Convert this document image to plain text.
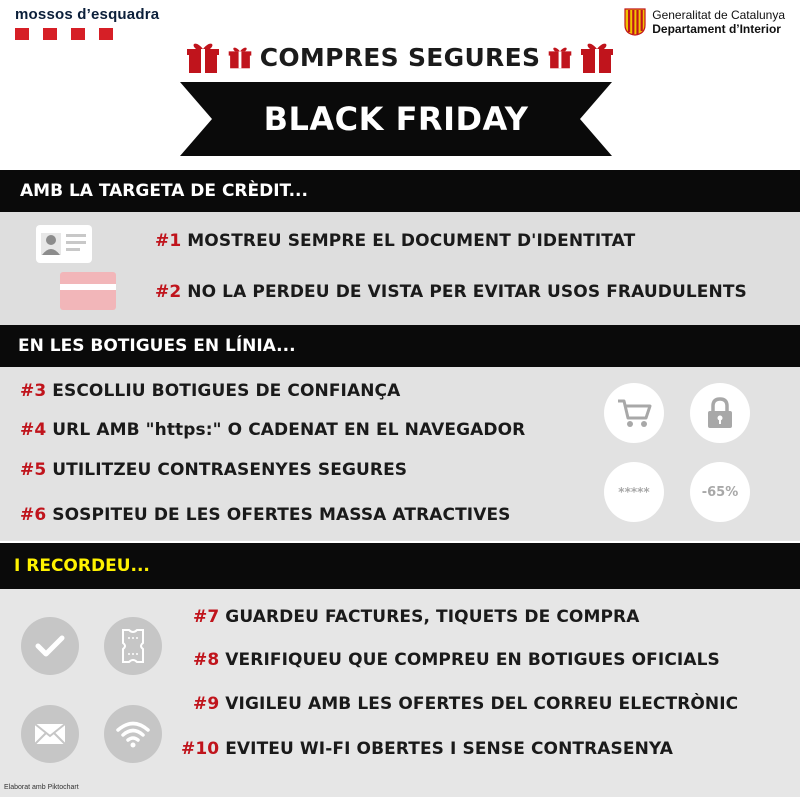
mossos d’esquadra	Generalitat de Catalunya
Departament d’Interior
COMPRES SEGURES
BLACK FRIDAY
AMB LA TARGETA DE CRÈDIT...
#1 MOSTREU SEMPRE EL DOCUMENT D'IDENTITAT
#2 NO LA PERDEU DE VISTA PER EVITAR USOS FRAUDULENTS
EN LES BOTIGUES EN LÍNIA...
#3 ESCOLLIU BOTIGUES DE CONFIANÇA
#4 URL AMB "https:" O CADENAT EN EL NAVEGADOR
#5 UTILITZEU CONTRASENYES SEGURES
#6 SOSPITEU DE LES OFERTES MASSA ATRACTIVES
*****	-65%
I RECORDEU...
#7 GUARDEU FACTURES, TIQUETS DE COMPRA
#8 VERIFIQUEU QUE COMPREU EN BOTIGUES OFICIALS
#9 VIGILEU AMB LES OFERTES DEL CORREU ELECTRÒNIC
#10 EVITEU WI-FI OBERTES I SENSE CONTRASENYA
Elaborat amb Piktochart
